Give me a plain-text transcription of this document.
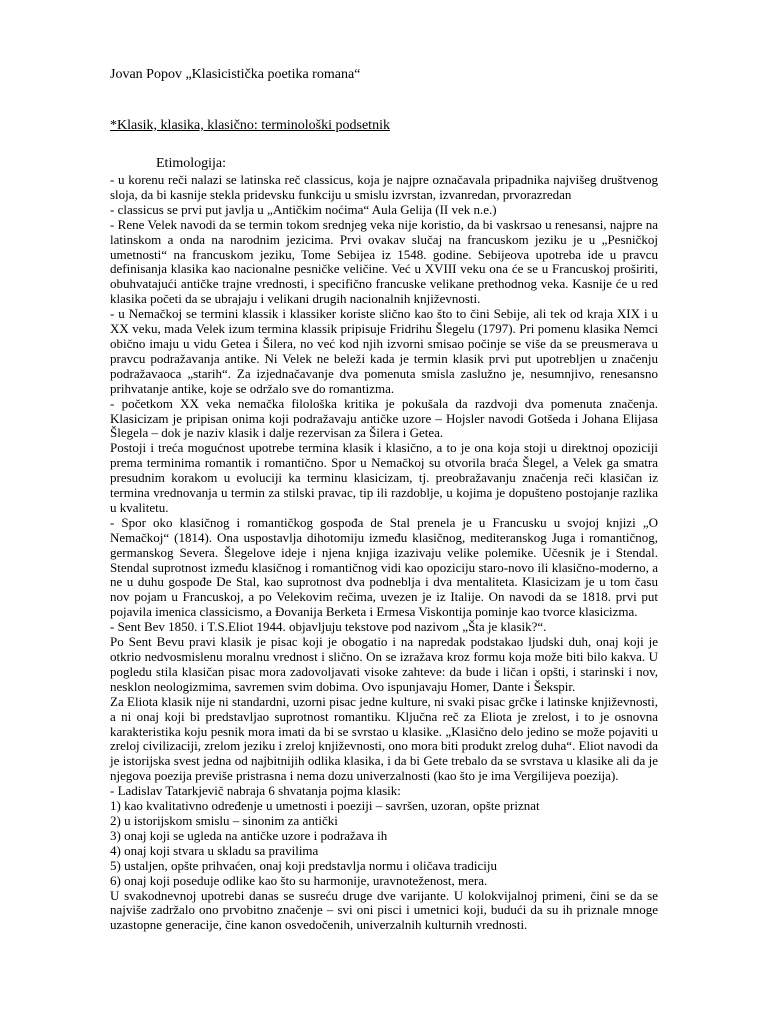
Jovan Popov „Klasicistička poetika romana“

*Klasik, klasika, klasično: terminološki podsetnik

Etimologija:

- u korenu reči nalazi se latinska reč classicus, koja je najpre označavala pripadnika najvišeg društvenog sloja, da bi kasnije stekla pridevsku funkciju u smislu izvrstan, izvanredan, prvorazredan

- classicus se prvi put javlja u „Antičkim noćima“ Aula Gelija (II vek n.e.)

- Rene Velek navodi da se termin tokom srednjeg veka nije koristio, da bi vaskrsao u renesansi, najpre na latinskom a onda na narodnim jezicima. Prvi ovakav slučaj na francuskom jeziku je u „Pesničkoj umetnosti“ na francuskom jeziku, Tome Sebijea iz 1548. godine. Sebijeova upotreba ide u pravcu definisanja klasika kao nacionalne pesničke veličine. Već u XVIII veku ona će se u Francuskoj proširiti, obuhvatajući antičke trajne vrednosti, i specifično francuske velikane prethodnog veka. Kasnije će u red klasika početi da se ubrajaju i velikani drugih nacionalnih književnosti.

- u Nemačkoj se termini klassik i klassiker koriste slično kao što to čini Sebije, ali tek od kraja XIX i u XX veku, mada Velek izum termina klassik pripisuje Fridrihu Šlegelu (1797). Pri pomenu klasika Nemci obično imaju u vidu Getea i Šilera, no već kod njih izvorni smisao počinje se više da se preusmerava u pravcu podražavanja antike. Ni Velek ne beleži kada je termin klasik prvi put upotrebljen u značenju podražavaoca „starih“. Za izjednačavanje dva pomenuta smisla zaslužno je, nesumnjivo, renesansno prihvatanje antike, koje se održalo sve do romantizma.

- početkom XX veka nemačka filološka kritika je pokušala da razdvoji dva pomenuta značenja. Klasicizam je pripisan onima koji podražavaju antičke uzore – Hojsler navodi Gotšeda i Johana Elijasa Šlegela – dok je naziv klasik i dalje rezervisan za Šilera i Getea.

Postoji i treća mogućnost upotrebe termina klasik i klasično, a to je ona koja stoji u direktnoj opoziciji prema terminima romantik i romantično. Spor u Nemačkoj su otvorila braća Šlegel, a Velek ga smatra presudnim korakom u evoluciji ka terminu klasicizam, tj. preobražavanju značenja reči klasičan iz termina vrednovanja u termin za stilski pravac, tip ili razdoblje, u kojima je dopušteno postojanje razlika u kvalitetu.

- Spor oko klasičnog i romantičkog gospođa de Stal prenela je u Francusku u svojoj knjizi „O Nemačkoj“ (1814). Ona uspostavlja dihotomiju između klasičnog, mediteranskog Juga i romantičnog, germanskog Severa. Šlegelove ideje i njena knjiga izazivaju velike polemike. Učesnik je i Stendal. Stendal suprotnost između klasičnog i romantičnog vidi kao opoziciju staro-novo ili klasično-moderno, a ne u duhu gospođe De Stal, kao suprotnost dva podneblja i dva mentaliteta. Klasicizam je u tom času nov pojam u Francuskoj, a po Velekovim rečima, uvezen je iz Italije. On navodi da se 1818. prvi put pojavila imenica classicismo, a Đovanija Berketa i Ermesa Viskontija pominje kao tvorce klasicizma.

- Sent Bev 1850. i T.S.Eliot 1944. objavljuju tekstove pod nazivom „Šta je klasik?“.

Po Sent Bevu pravi klasik je pisac koji je obogatio i na napredak podstakao ljudski duh, onaj koji je otkrio nedvosmislenu moralnu vrednost i slično. On se izražava kroz formu koja može biti bilo kakva. U pogledu stila klasičan pisac mora zadovoljavati visoke zahteve: da bude i ličan i opšti, i starinski i nov, nesklon neologizmima, savremen svim dobima. Ovo ispunjavaju Homer, Dante i Šekspir.

Za Eliota klasik nije ni standardni, uzorni pisac jedne kulture, ni svaki pisac grčke i latinske književnosti, a ni onaj koji bi predstavljao suprotnost romantiku. Ključna reč za Eliota je zrelost, i to je osnovna karakteristika koju pesnik mora imati da bi se svrstao u klasike. „Klasično delo jedino se može pojaviti u zreloj civilizaciji, zrelom jeziku i zreloj književnosti, ono mora biti produkt zrelog duha“. Eliot navodi da je istorijska svest jedna od najbitnijih odlika klasika, i da bi Gete trebalo da se svrstava u klasike ali da je njegova poezija previše pristrasna i nema dozu univerzalnosti (kao što je ima Vergilijeva poezija).

- Ladislav Tatarkjevič nabraja 6 shvatanja pojma klasik:

1) kao kvalitativno određenje u umetnosti i poeziji – savršen, uzoran, opšte priznat

2) u istorijskom smislu – sinonim za antički

3) onaj koji se ugleda na antičke uzore i podražava ih

4) onaj koji stvara u skladu sa pravilima

5) ustaljen, opšte prihvaćen, onaj koji predstavlja normu i oličava tradiciju

6) onaj koji poseduje odlike kao što su harmonije, uravnoteženost, mera.

U svakodnevnoj upotrebi danas se susreću druge dve varijante. U kolokvijalnoj primeni, čini se da se najviše zadržalo ono prvobitno značenje – svi oni pisci i umetnici koji, budući da su ih priznale mnoge uzastopne generacije, čine kanon osvedočenih, univerzalnih kulturnih vrednosti.
